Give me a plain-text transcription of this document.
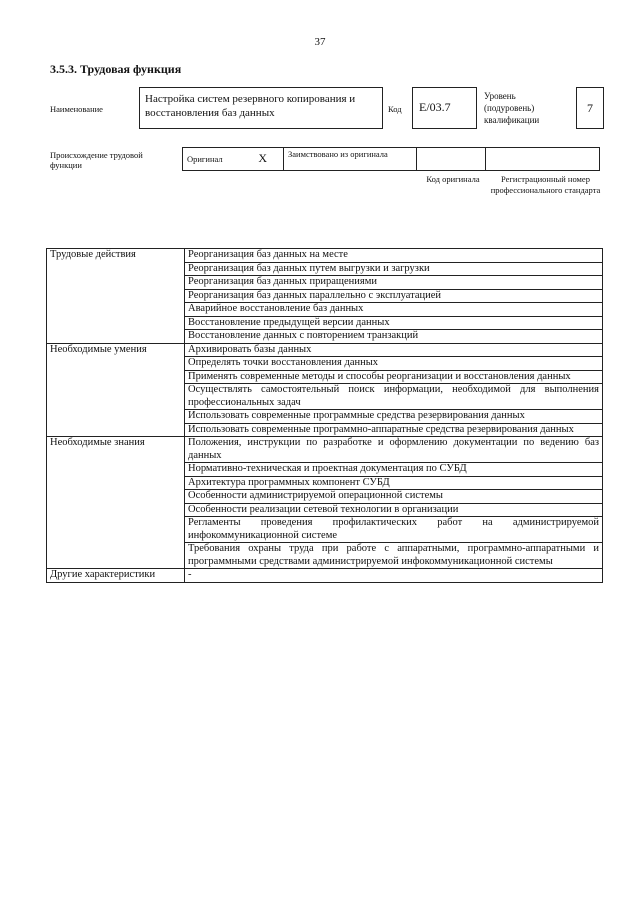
37
3.5.3. Трудовая функция
Наименование
Настройка систем резервного копирования и восстановления баз данных	Код	E/03.7
Уровень (подуровень) квалификации
7
Происхождение трудовой функции
Оригинал	X	Заимствовано из оригинала
Код оригинала	Регистрационный номер профессионального стандарта
Трудовые действия	Реорганизация баз данных на месте
	Реорганизация баз данных путем выгрузки и загрузки
	Реорганизация баз данных приращениями
	Реорганизация баз данных параллельно с эксплуатацией
	Аварийное восстановление баз данных
	Восстановление предыдущей версии данных
	Восстановление данных с повторением транзакций
Необходимые умения	Архивировать базы данных
	Определять точки восстановления данных
	Применять современные методы и способы реорганизации и восстановления данных
	Осуществлять самостоятельный поиск информации, необходимой для выполнения профессиональных задач
	Использовать современные программные средства резервирования данных
	Использовать современные программно-аппаратные средства резервирования данных
Необходимые знания	Положения, инструкции по разработке и оформлению документации по ведению баз данных
	Нормативно-техническая и проектная документация по СУБД
	Архитектура программных компонент СУБД
	Особенности администрируемой операционной системы
	Особенности реализации сетевой технологии в организации
	Регламенты проведения профилактических работ на администрируемой инфокоммуникационной системе
	Требования охраны труда при работе с аппаратными, программно-аппаратными и программными средствами администрируемой инфокоммуникационной системы
Другие характеристики	-
